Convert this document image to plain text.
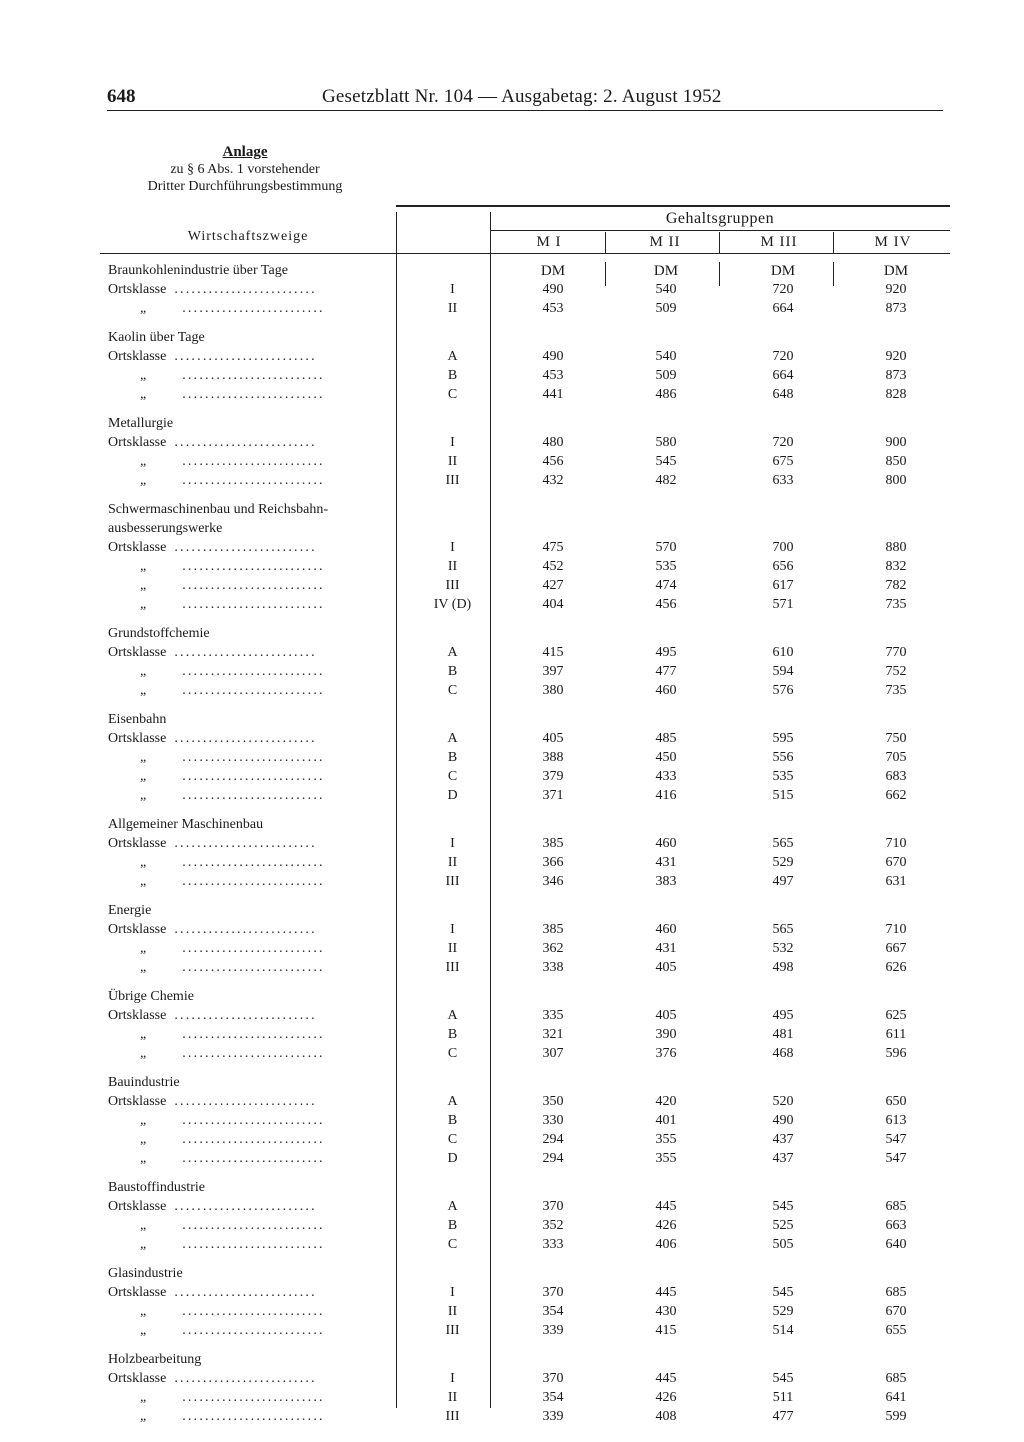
648	Gesetzblatt Nr. 104 — Ausgabetag: 2. August 1952
Anlage
zu § 6 Abs. 1 vorstehender
Dritter Durchführungsbestimmung
Wirtschaftszweige
Gehaltsgruppen
M I	M II	M III	M IV
Braunkohlenindustrie über Tage	DM	DM	DM	DM
Ortsklasse .........................	I	490	540	720	920
„	.........................	II	453	509	664	873
Kaolin über Tage
Ortsklasse .........................	A	490	540	720	920
„	.........................	B	453	509	664	873
„	.........................	C	441	486	648	828
Metallurgie
Ortsklasse .........................	I	480	580	720	900
„	.........................	II	456	545	675	850
„	.........................	III	432	482	633	800
Schwermaschinenbau und Reichsbahn-
ausbesserungswerke
Ortsklasse .........................	I	475	570	700	880
„	.........................	II	452	535	656	832
„	.........................	III	427	474	617	782
„	.........................	IV (D)	404	456	571	735
Grundstoffchemie
Ortsklasse .........................	A	415	495	610	770
„	.........................	B	397	477	594	752
„	.........................	C	380	460	576	735
Eisenbahn
Ortsklasse .........................	A	405	485	595	750
„	.........................	B	388	450	556	705
„	.........................	C	379	433	535	683
„	.........................	D	371	416	515	662
Allgemeiner Maschinenbau
Ortsklasse .........................	I	385	460	565	710
„	.........................	II	366	431	529	670
„	.........................	III	346	383	497	631
Energie
Ortsklasse .........................	I	385	460	565	710
„	.........................	II	362	431	532	667
„	.........................	III	338	405	498	626
Übrige Chemie
Ortsklasse .........................	A	335	405	495	625
„	.........................	B	321	390	481	611
„	.........................	C	307	376	468	596
Bauindustrie
Ortsklasse .........................	A	350	420	520	650
„	.........................	B	330	401	490	613
„	.........................	C	294	355	437	547
„	.........................	D	294	355	437	547
Baustoffindustrie
Ortsklasse .........................	A	370	445	545	685
„	.........................	B	352	426	525	663
„	.........................	C	333	406	505	640
Glasindustrie
Ortsklasse .........................	I	370	445	545	685
„	.........................	II	354	430	529	670
„	.........................	III	339	415	514	655
Holzbearbeitung
Ortsklasse .........................	I	370	445	545	685
„	.........................	II	354	426	511	641
„	.........................	III	339	408	477	599
